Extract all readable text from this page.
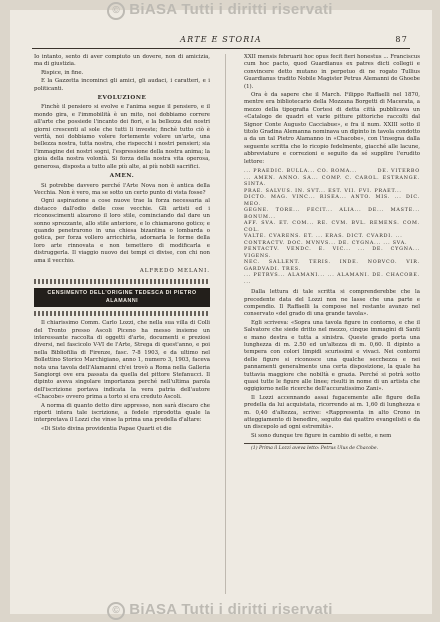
© BiASA Tutti i diritti riservati
ARTE E STORIA	87

Io intanto, sento di aver compiuto un dovere, non di amicizia, ma di giustizia.

Rispice, in fine.

E la Gazzetta incominci gli amici, gli audaci, i caratteri, e i politicanti.

EVOLUZIONE

Finchè il pensiero si evolve e l'anima segue il pensiero, e il mondo gira, e l'immobilità è un mito, noi dobbiamo correre all'arte che possiede l'incanto dei fiori, e la bellezza dei nostri giorni crescenti al sole che tutti li investe; finchè tutto ciò è verità, noi dobbiamo volere fortemente volere un'arte, una bellezza nostra, tutta nostra, che rispecchi i nostri pensieri; sia l'immagine dei nostri sogni, l'espressione della nostra anima; la gioia della nostra volontà. Si forza della nostra vita operosa, generosa, disposta a tutto alle più alte, ai più nobili sacrifici.

AMEN.

Si potrebbe davvero perché l'Arte Nova non è antica della Vecchia. Non è vero, ma se sotto un certo punto di vista fosse?

Ogni aspirazione a cose nuove trae la forza necessaria al distacco dall'odio delle cose vecchie. Gli artisti ed i riconoscimenti alzarono il loro stile, cominciando dal dare un sonno sprezzante, allo stile anteriore, e lo chiamarono gotico; e quando penetrarono in una chiesa bizantina o lombarda o gotica, per forza vollero arricchirla, adornarla le forme della loro arte rinnovata e non temettero di modificarla e distruggerla. Il viaggio nuovo dei tempi ci divise, con chi non ama il vecchio.

ALFREDO MELANI.
CENSIMENTO DELL'ORIGINE TEDESCA DI PIETRO ALAMANNI

Il chiarissimo Comm. Carlo Lozzi, che nella sua villa di Colli del Tronto presso Ascoli Piceno ha messo insieme un interessante raccolta di oggetti d'arte, documenti e preziosi diversi, nel fascicolo V-VI de l'Arte, Strega di quest'anno, e poi nella Bibliofilia di Firenze, fasc. 7-8 1903, e da ultimo nel Bollettino Storico Marchigiano, anno 1, numero 3, 1903, faceva nota una tavola dell'Alamanni ch'ei trovò a Roma nella Galleria Sangiorgi ove era passata da quella del pittore Stefanucci. Il dipinto aveva singolare importanza perché nell'ultima parola dell'iscrizione portava indicata la vera patria dell'autore «Chacobe» ovvero prima a torto si era creduto Ascoli.

A norma di quanto detto dire appresso, non sarà discaro che riporti intera tale iscrizione, a fedele riprodotta quale la interpretava il Lozzi che vinse la prima una predella d'altare:

«Di Sisto divina providentia Papae Quarti et die

XXII mensis februarii hoc opus fecit fieri honestus ... Franciscus cum hoc pacto, quod Guardianus ex patres dicti collegii e convincere detto mutano in perpetuo di ne rogato Tullius Guardianus tradito Nobile Magister Petrus Alemanni de Ghoebe (1).

Ora è da sapere che il March. Filippo Raffaelli nel 1870, mentre era bibliotecario della Mozzana Borgetti di Macerata, a mezzo della tipografia Cortesi di detta città pubblicava un «Catalogo de quadri et varie pitture pittoriche raccolti dal Signor Conte Augusto Cacciabue», e fra il num. XXIII sotto il titolo Gradina Alemanna nominava un dipinto in tavola condotto a da un tal Pietro Alamanno in «Chacobe», con l'insegna dalla seguente scritta che lo ricopio fedelmente, giacché alle lacune, abbreviature e correzioni e seguito da sé supplire l'erudito lettore:

... PRAEDIC. BULLA... CO. ROMA...	DE. VITERBO
... AMEN. ANNO. SA... COMP. C. CAROL. ESTRANGE. SINTA.
PRAE. SALVUS. IN. SVT... EST. VII. FVI. PRAET...
DICTO. MAG. VINC... RISEA... ANTO. MIS. ... DIC. MEO.
GEGNE. TORE... FECIT... ALIA... DE... MASTE... BONUM...
AFF. SVA. ET. COM... RE. CVM. BVL. REMENS. COM. COL.
VALTE. CVARENS. ET. ... ERAS. DICT. CVARDI. ...
CONTRACTV. DOC. MVNVS... DE. CYGNA... ... SVA.
PENTACTV. VENDC. E. VIC... ... DE. CYGNA... VIGENS.
NEC. SALLENT. TERIS. INDE. NOBVCO. VIR. GARDVADI. TRES.
... PETRVS... ALAMANI... ... ALAMANI. DE. CHACOBE. ...

Dalla lettura di tale scritta si comprenderebbe che la precedente data del Lozzi non ne lasse che una parte e compendio. Il Raffaelli la compose nel restante avanzo nel conservato «del grado di una grande tavola».

Egli scriveva: «Sopra una tavola figure in contorno, e che il Salvatore che siede dritto nel mezzo, cinque immagini di Santi e mano destra e tutta a sinistra. Queste grado porta una lunghezza di m. 2.50 ed un'altezza di m. 0,60. Il dipinto a tempera con colori limpidi scurissimi e vivaci. Nei contorni delle figure si riconosce una qualche secchezza e nei pannamenti generalmente una certa disposizione, la quale ha tuttavia maggiore che nobiltà e grazia. Perché si potrà sotto quasi tutte le figure alle linee; risulti in nome di un artista che oggigiorno nelle ricerche dell'accuratissimo Zani».

Il Lozzi accennando assai fugacemente alle figure della predella da lui acquistata, ricorrendo ai m. 1,60 di lunghezza e m. 0,40 d'altezza, scrive: «Rappresenta in alto Crono in atteggiamento di benedire, seguito dai quattro evangelisti e da un discepolo ad ogni estremità».

Si sono dunque tre figure in cambio di sette, e nem

(1) Prima il Lozzi aveva letto: Petrus Ulus de Chacobe.

© BiASA Tutti i diritti riservati
